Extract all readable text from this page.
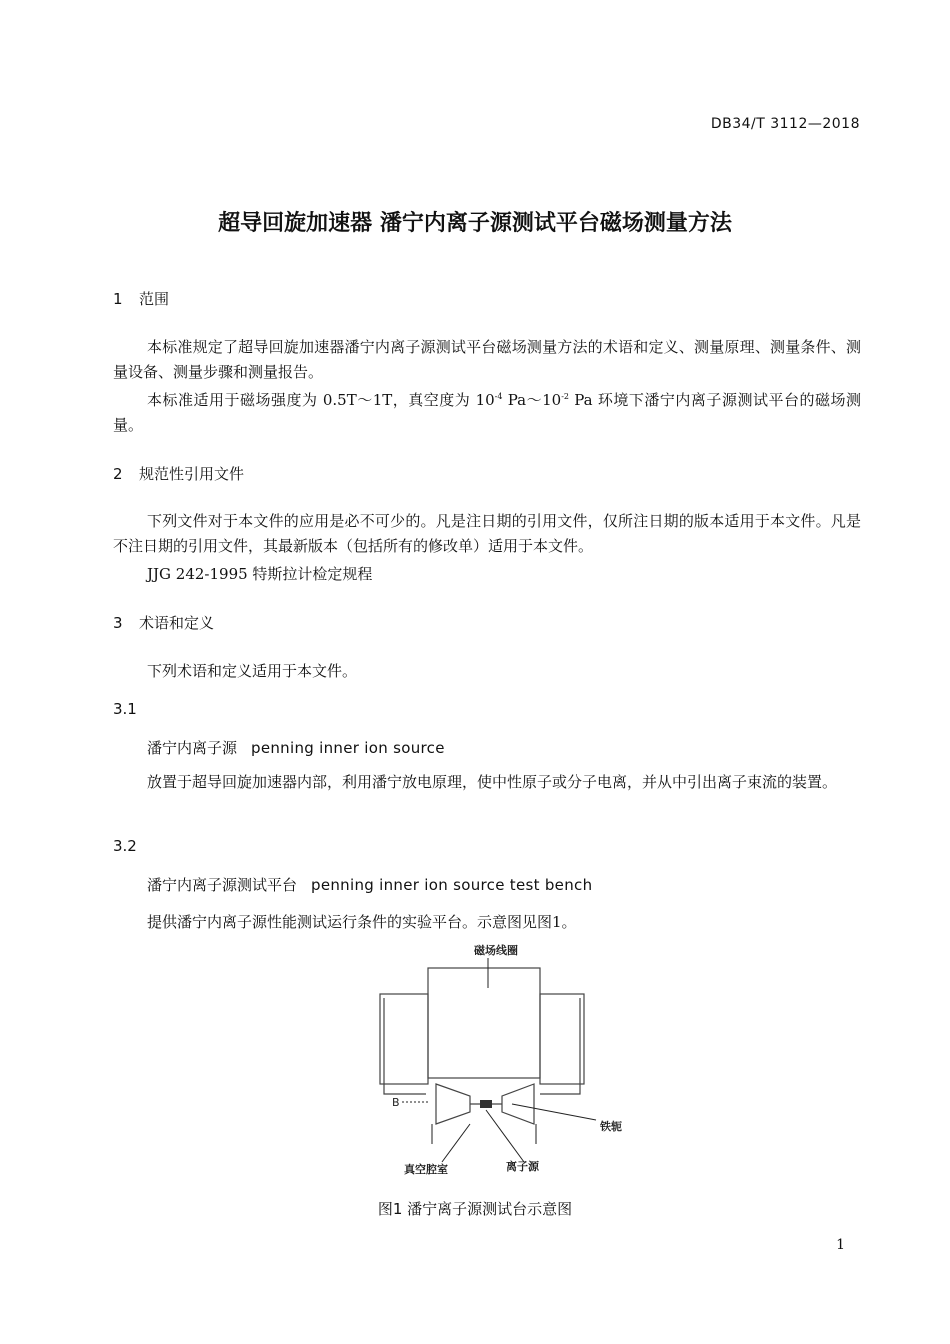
DB34/T 3112—2018
超导回旋加速器 潘宁内离子源测试平台磁场测量方法
1 范围
本标准规定了超导回旋加速器潘宁内离子源测试平台磁场测量方法的术语和定义、测量原理、测量条件、测量设备、测量步骤和测量报告。
本标准适用于磁场强度为 0.5T～1T，真空度为 $10^{-4}$ $Pa\sim 10^{-2}$ Pa 环境下潘宁内离子源测试平台的磁场测量。
2 规范性引用文件
下列文件对于本文件的应用是必不可少的。凡是注日期的引用文件，仅所注日期的版本适用于本文件。凡是不注日期的引用文件，其最新版本（包括所有的修改单）适用于本文件。
JJG 242-1995 特斯拉计检定规程
3 术语和定义
下列术语和定义适用于本文件。
3.1
潘宁内离子源 penning inner ion source
放置于超导回旋加速器内部，利用潘宁放电原理，使中性原子或分子电离，并从中引出离子束流的装置。
3.2
潘宁内离子源测试平台 penning inner ion source test bench
提供潘宁内离子源性能测试运行条件的实验平台。示意图见图1。
磁场线圈
B
铁轭
真空腔室	离子源
图1 潘宁离子源测试台示意图
1
